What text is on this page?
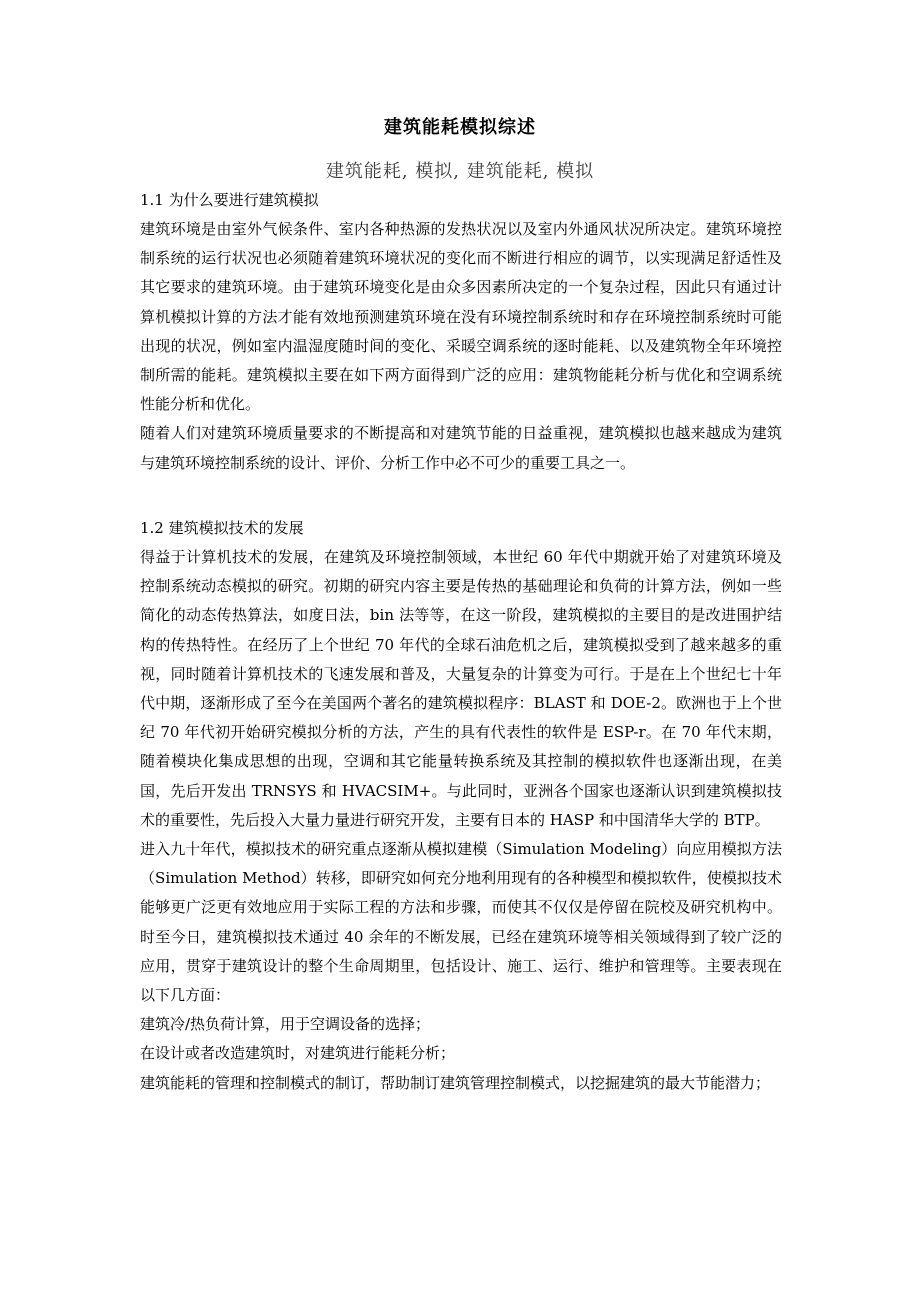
建筑能耗模拟综述
建筑能耗, 模拟, 建筑能耗, 模拟
1.1 为什么要进行建筑模拟

建筑环境是由室外气候条件、室内各种热源的发热状况以及室内外通风状况所决定。建筑环境控制系统的运行状况也必须随着建筑环境状况的变化而不断进行相应的调节，以实现满足舒适性及其它要求的建筑环境。由于建筑环境变化是由众多因素所决定的一个复杂过程，因此只有通过计算机模拟计算的方法才能有效地预测建筑环境在没有环境控制系统时和存在环境控制系统时可能出现的状况，例如室内温湿度随时间的变化、采暖空调系统的逐时能耗、以及建筑物全年环境控制所需的能耗。建筑模拟主要在如下两方面得到广泛的应用：建筑物能耗分析与优化和空调系统性能分析和优化。

随着人们对建筑环境质量要求的不断提高和对建筑节能的日益重视，建筑模拟也越来越成为建筑与建筑环境控制系统的设计、评价、分析工作中必不可少的重要工具之一。

1.2 建筑模拟技术的发展

得益于计算机技术的发展，在建筑及环境控制领域，本世纪 60 年代中期就开始了对建筑环境及控制系统动态模拟的研究。初期的研究内容主要是传热的基础理论和负荷的计算方法，例如一些简化的动态传热算法，如度日法，bin 法等等，在这一阶段，建筑模拟的主要目的是改进围护结构的传热特性。在经历了上个世纪 70 年代的全球石油危机之后，建筑模拟受到了越来越多的重视，同时随着计算机技术的飞速发展和普及，大量复杂的计算变为可行。于是在上个世纪七十年代中期，逐渐形成了至今在美国两个著名的建筑模拟程序：BLAST 和 DOE-2。欧洲也于上个世纪 70 年代初开始研究模拟分析的方法，产生的具有代表性的软件是 ESP-r。在 70 年代末期，随着模块化集成思想的出现，空调和其它能量转换系统及其控制的模拟软件也逐渐出现，在美国，先后开发出 TRNSYS 和 HVACSIM+。与此同时，亚洲各个国家也逐渐认识到建筑模拟技术的重要性，先后投入大量力量进行研究开发，主要有日本的 HASP 和中国清华大学的 BTP。

进入九十年代，模拟技术的研究重点逐渐从模拟建模（Simulation Modeling）向应用模拟方法（Simulation Method）转移，即研究如何充分地利用现有的各种模型和模拟软件，使模拟技术能够更广泛更有效地应用于实际工程的方法和步骤，而使其不仅仅是停留在院校及研究机构中。时至今日，建筑模拟技术通过 40 余年的不断发展，已经在建筑环境等相关领域得到了较广泛的应用，贯穿于建筑设计的整个生命周期里，包括设计、施工、运行、维护和管理等。主要表现在以下几方面：

建筑冷/热负荷计算，用于空调设备的选择；

在设计或者改造建筑时，对建筑进行能耗分析；

建筑能耗的管理和控制模式的制订，帮助制订建筑管理控制模式，以挖掘建筑的最大节能潜力；
